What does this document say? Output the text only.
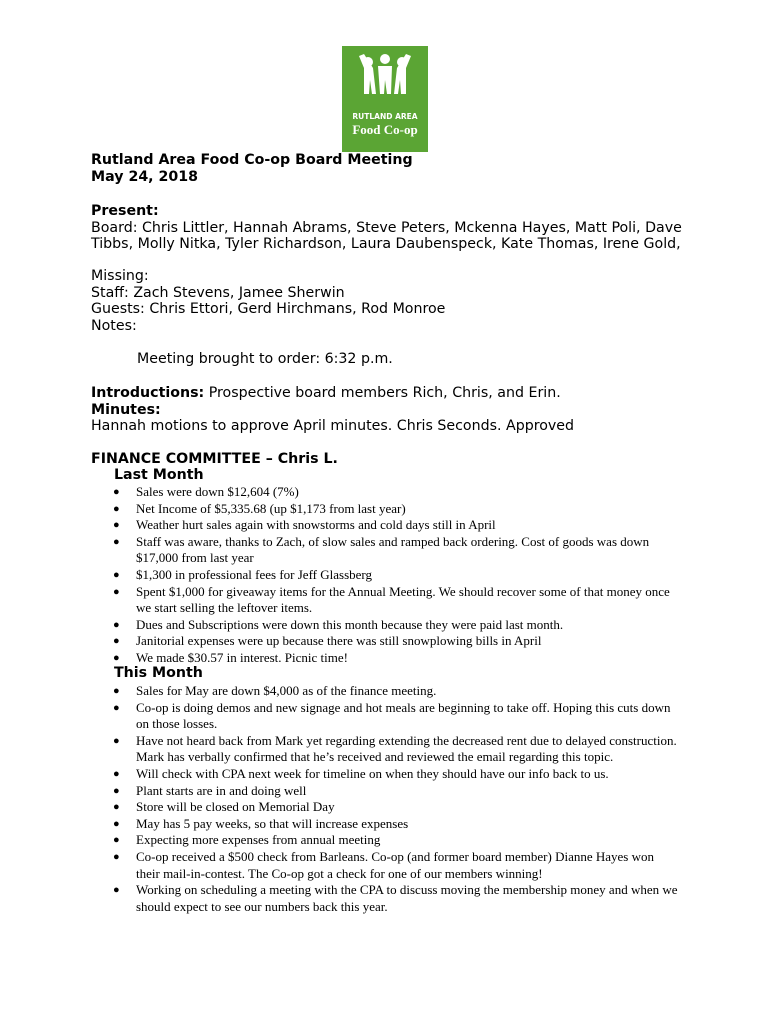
RUTLAND AREA
Food Co-op
Rutland Area Food Co-op Board Meeting
May 24, 2018
Present:
Board: Chris Littler, Hannah Abrams, Steve Peters, Mckenna Hayes, Matt Poli, Dave Tibbs, Molly Nitka, Tyler Richardson, Laura Daubenspeck, Kate Thomas, Irene Gold,
Missing:
Staff: Zach Stevens, Jamee Sherwin
Guests: Chris Ettori, Gerd Hirchmans, Rod Monroe
Notes:
Meeting brought to order: 6:32 p.m.
Introductions: Prospective board members Rich, Chris, and Erin.
Minutes:
Hannah motions to approve April minutes. Chris Seconds. Approved
FINANCE COMMITTEE – Chris L.
Last Month
● Sales were down $12,604 (7%)
● Net Income of $5,335.68 (up $1,173 from last year)
● Weather hurt sales again with snowstorms and cold days still in April
● Staff was aware, thanks to Zach, of slow sales and ramped back ordering. Cost of goods was down $17,000 from last year
● $1,300 in professional fees for Jeff Glassberg
● Spent $1,000 for giveaway items for the Annual Meeting. We should recover some of that money once we start selling the leftover items.
● Dues and Subscriptions were down this month because they were paid last month.
● Janitorial expenses were up because there was still snowplowing bills in April
● We made $30.57 in interest. Picnic time!
This Month
● Sales for May are down $4,000 as of the finance meeting.
● Co-op is doing demos and new signage and hot meals are beginning to take off. Hoping this cuts down on those losses.
● Have not heard back from Mark yet regarding extending the decreased rent due to delayed construction. Mark has verbally confirmed that he’s received and reviewed the email regarding this topic.
● Will check with CPA next week for timeline on when they should have our info back to us.
● Plant starts are in and doing well
● Store will be closed on Memorial Day
● May has 5 pay weeks, so that will increase expenses
● Expecting more expenses from annual meeting
● Co-op received a $500 check from Barleans. Co-op (and former board member) Dianne Hayes won their mail-in-contest. The Co-op got a check for one of our members winning!
● Working on scheduling a meeting with the CPA to discuss moving the membership money and when we should expect to see our numbers back this year.
